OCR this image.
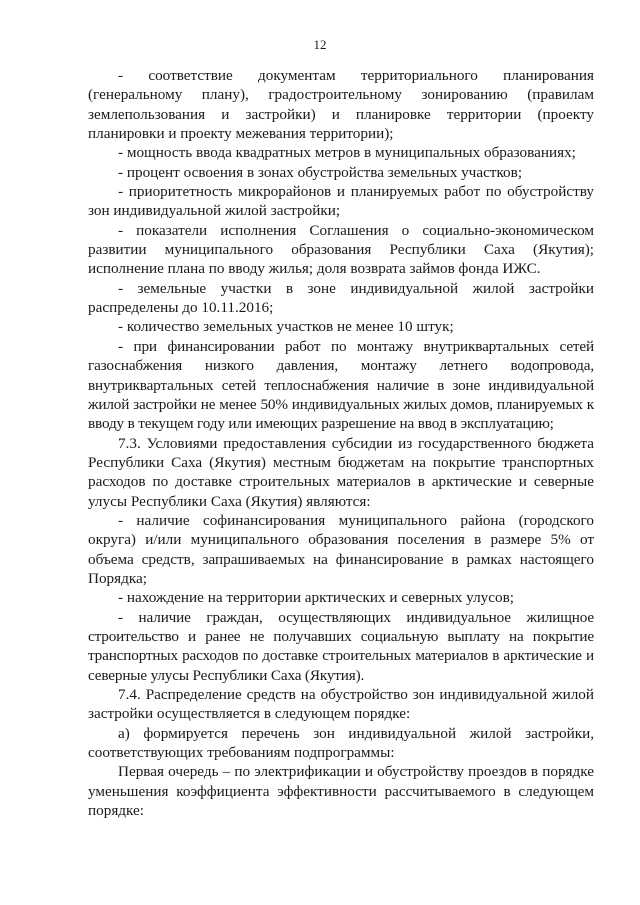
12

- соответствие документам территориального планирования (генеральному плану), градостроительному зонированию (правилам землепользования и застройки) и планировке территории (проекту планировки и проекту межевания территории);

- мощность ввода квадратных метров в муниципальных образованиях;

- процент освоения в зонах обустройства земельных участков;

- приоритетность микрорайонов и планируемых работ по обустройству зон индивидуальной жилой застройки;

- показатели исполнения Соглашения о социально-экономическом развитии муниципального образования Республики Саха (Якутия); исполнение плана по вводу жилья; доля возврата займов фонда ИЖС.

- земельные участки в зоне индивидуальной жилой застройки распределены до 10.11.2016;

- количество земельных участков не менее 10 штук;

- при финансировании работ по монтажу внутриквартальных сетей газоснабжения низкого давления, монтажу летнего водопровода, внутриквартальных сетей теплоснабжения наличие в зоне индивидуальной жилой застройки не менее 50% индивидуальных жилых домов, планируемых к вводу в текущем году или имеющих разрешение на ввод в эксплуатацию;

7.3. Условиями предоставления субсидии из государственного бюджета Республики Саха (Якутия) местным бюджетам на покрытие транспортных расходов по доставке строительных материалов в арктические и северные улусы Республики Саха (Якутия) являются:

- наличие софинансирования муниципального района (городского округа) и/или муниципального образования поселения в размере 5% от объема средств, запрашиваемых на финансирование в рамках настоящего Порядка;

- нахождение на территории арктических и северных улусов;

- наличие граждан, осуществляющих индивидуальное жилищное строительство и ранее не получавших социальную выплату на покрытие транспортных расходов по доставке строительных материалов в арктические и северные улусы Республики Саха (Якутия).

7.4. Распределение средств на обустройство зон индивидуальной жилой застройки осуществляется в следующем порядке:

а) формируется перечень зон индивидуальной жилой застройки, соответствующих требованиям подпрограммы:

Первая очередь – по электрификации и обустройству проездов в порядке уменьшения коэффициента эффективности рассчитываемого в следующем порядке:
